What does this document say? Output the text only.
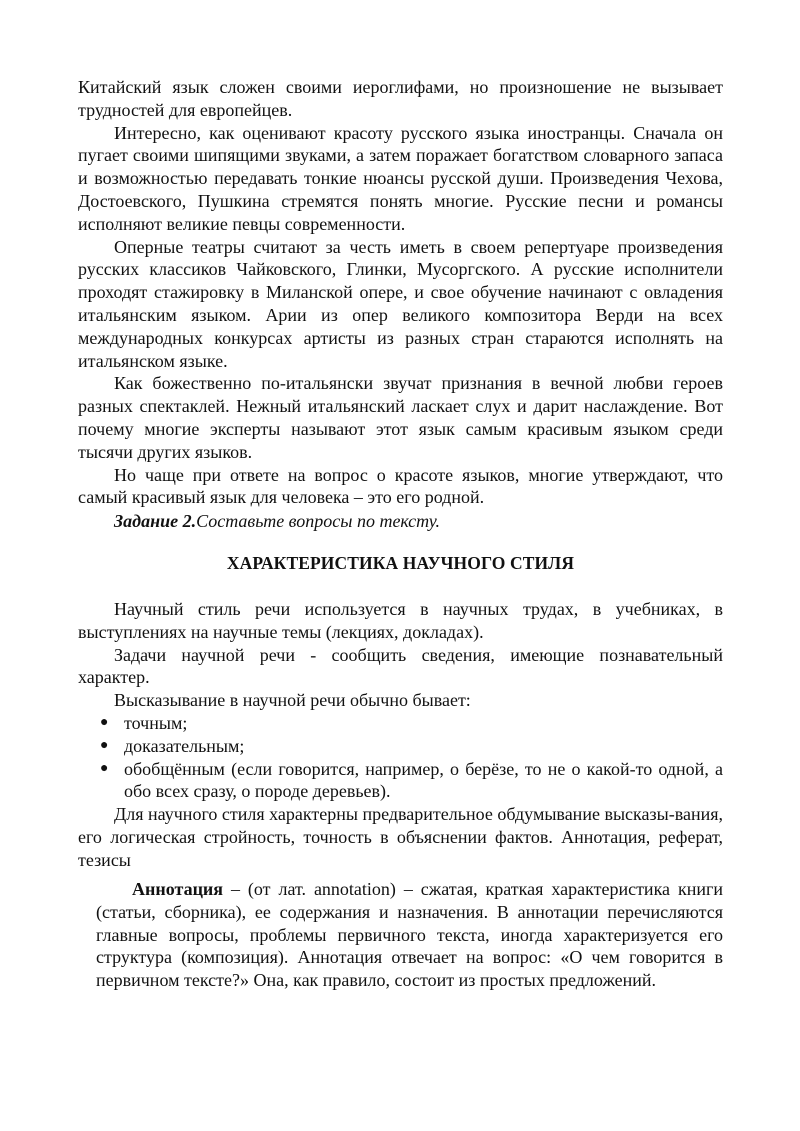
Китайский язык сложен своими иероглифами, но произношение не вызывает трудностей для европейцев.

Интересно, как оценивают красоту русского языка иностранцы. Сначала он пугает своими шипящими звуками, а затем поражает богатством словарного запаса и возможностью передавать тонкие нюансы русской души. Произведения Чехова, Достоевского, Пушкина стремятся понять многие. Русские песни и романсы исполняют великие певцы современности.

Оперные театры считают за честь иметь в своем репертуаре произведения русских классиков Чайковского, Глинки, Мусоргского. А русские исполнители проходят стажировку в Миланской опере, и свое обучение начинают с овладения итальянским языком. Арии из опер великого композитора Верди на всех международных конкурсах артисты из разных стран стараются исполнять на итальянском языке.

Как божественно по-итальянски звучат признания в вечной любви героев разных спектаклей. Нежный итальянский ласкает слух и дарит наслаждение. Вот почему многие эксперты называют этот язык самым красивым языком среди тысячи других языков.

Но чаще при ответе на вопрос о красоте языков, многие утверждают, что самый красивый язык для человека – это его родной.

Задание 2.Составьте вопросы по тексту.

ХАРАКТЕРИСТИКА НАУЧНОГО СТИЛЯ

Научный стиль речи используется в научных трудах, в учебниках, в выступлениях на научные темы (лекциях, докладах).

Задачи научной речи - сообщить сведения, имеющие познавательный характер.

Высказывание в научной речи обычно бывает:

● точным;
● доказательным;
● обобщённым (если говорится, например, о берёзе, то не о какой-то одной, а обо всех сразу, о породе деревьев).

Для научного стиля характерны предварительное обдумывание высказы-вания, его логическая стройность, точность в объяснении фактов. Аннотация, реферат, тезисы

Аннотация – (от лат. annotation) – сжатая, краткая характеристика книги (статьи, сборника), ее содержания и назначения. В аннотации перечисляются главные вопросы, проблемы первичного текста, иногда характеризуется его структура (композиция). Аннотация отвечает на вопрос: «О чем говорится в первичном тексте?» Она, как правило, состоит из простых предложений.
